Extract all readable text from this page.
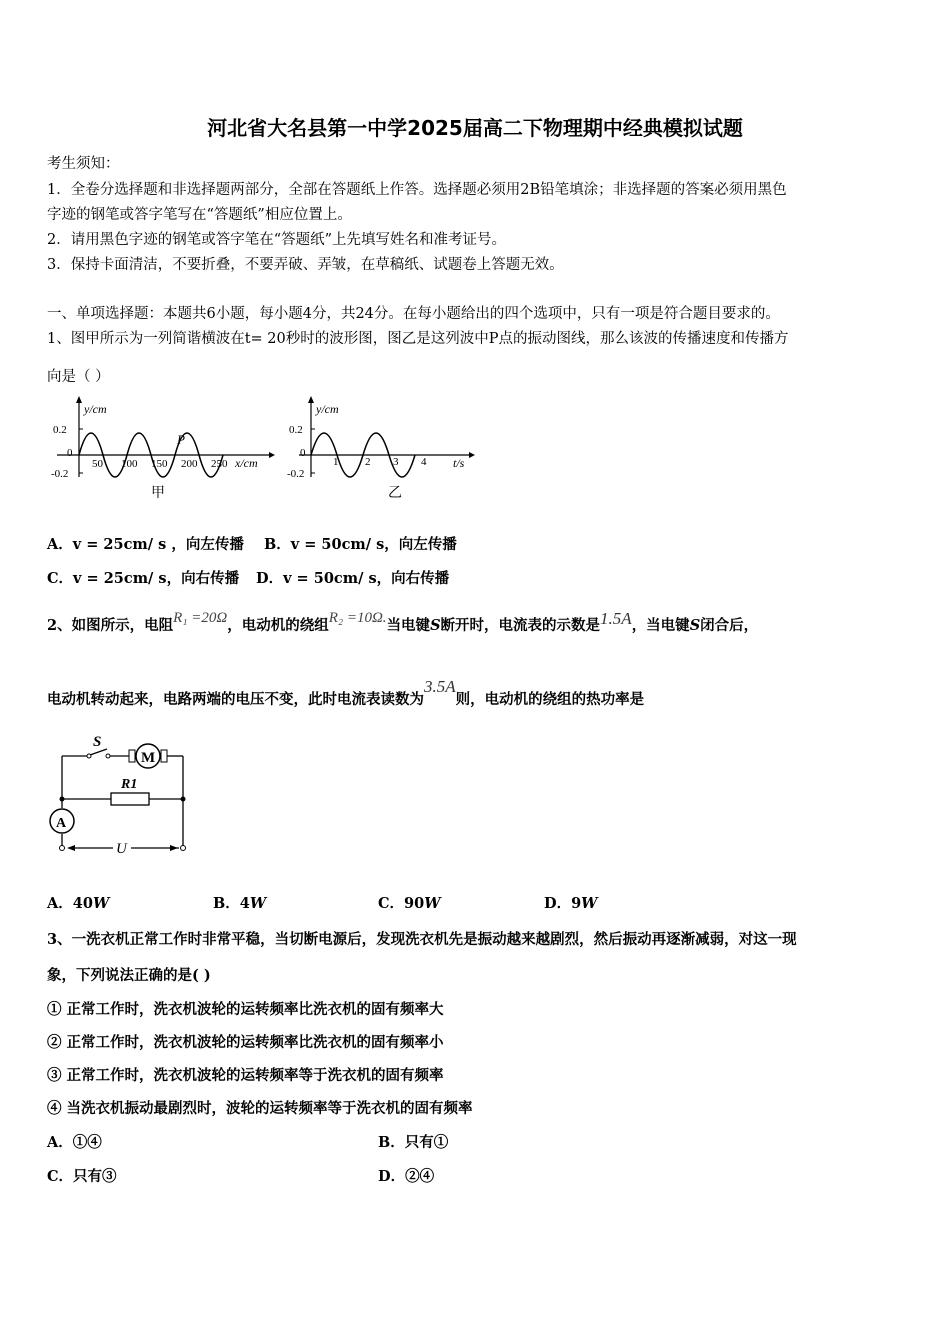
河北省大名县第一中学2025届高二下物理期中经典模拟试题
考生须知：
1．全卷分选择题和非选择题两部分，全部在答题纸上作答。选择题必须用2B铅笔填涂；非选择题的答案必须用黑色
字迹的钢笔或答字笔写在“答题纸”相应位置上。
2．请用黑色字迹的钢笔或答字笔在“答题纸”上先填写姓名和准考证号。
3．保持卡面清洁，不要折叠，不要弄破、弄皱，在草稿纸、试题卷上答题无效。
一、单项选择题：本题共6小题，每小题4分，共24分。在每小题给出的四个选项中，只有一项是符合题目要求的。
1、图甲所示为一列简谐横波在t= 20秒时的波形图，图乙是这列波中P点的振动图线，那么该波的传播速度和传播方
向是（ ）
y/cm
x/cm
0.2
0
-0.2
50 100 150 200 250
P
甲
y/cm
t/s
0.2
0
-0.2
1 2 3 4
乙
A．v = 25cm/ s ，向左传播 B．v = 50cm/ s，向左传播
C．v = 25cm/ s，向右传播 D．v = 50cm/ s，向右传播
2、如图所示，电阻R₁ =20Ω，电动机的绕组R₂ =10Ω.当电键S断开时，电流表的示数是1.5A，当电键S闭合后，
电动机转动起来，电路两端的电压不变，此时电流表读数为3.5A则，电动机的绕组的热功率是
M
S
R1
A
U
A．40W	B．4W	C．90W	D．9W
3、一洗衣机正常工作时非常平稳，当切断电源后，发现洗衣机先是振动越来越剧烈，然后振动再逐渐减弱，对这一现
象，下列说法正确的是( )
① 正常工作时，洗衣机波轮的运转频率比洗衣机的固有频率大
② 正常工作时，洗衣机波轮的运转频率比洗衣机的固有频率小
③ 正常工作时，洗衣机波轮的运转频率等于洗衣机的固有频率
④ 当洗衣机振动最剧烈时，波轮的运转频率等于洗衣机的固有频率
A．①④	B．只有①
C．只有③	D．②④
